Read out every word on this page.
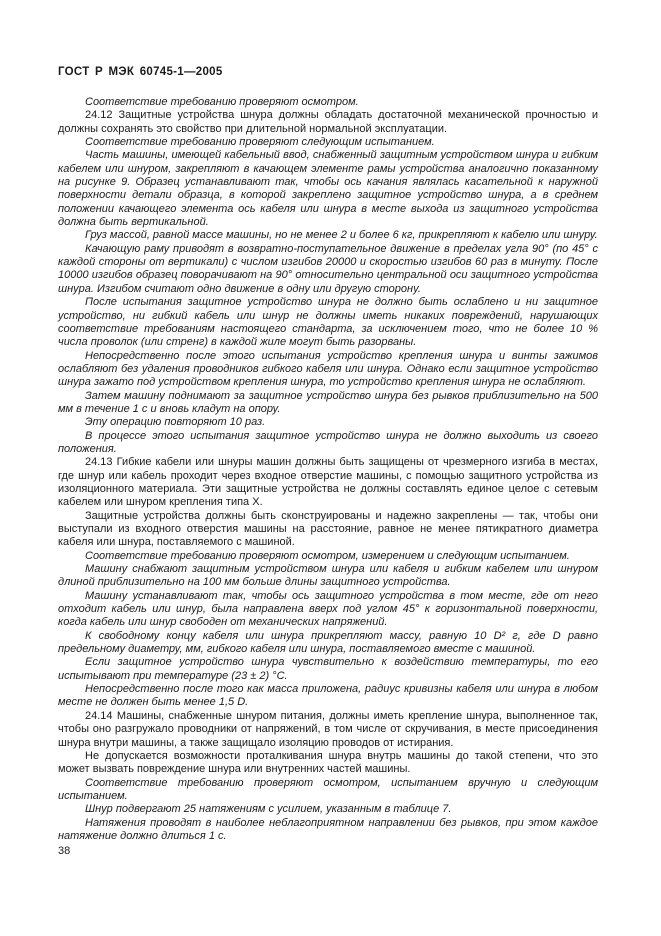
ГОСТ Р МЭК 60745-1—2005

Соответствие требованию проверяют осмотром.

24.12 Защитные устройства шнура должны обладать достаточной механической прочностью и должны сохранять это свойство при длительной нормальной эксплуатации.

Соответствие требованию проверяют следующим испытанием.

Часть машины, имеющей кабельный ввод, снабженный защитным устройством шнура и гибким кабелем или шнуром, закрепляют в качающем элементе рамы устройства аналогично показанному на рисунке 9. Образец устанавливают так, чтобы ось качания являлась касательной к наружной поверхности детали образца, в которой закреплено защитное устройство шнура, а в среднем положении качающего элемента ось кабеля или шнура в месте выхода из защитного устройства должна быть вертикальной.

Груз массой, равной массе машины, но не менее 2 и более 6 кг, прикрепляют к кабелю или шнуру.

Качающую раму приводят в возвратно-поступательное движение в пределах угла 90° (по 45° с каждой стороны от вертикали) с числом изгибов 20000 и скоростью изгибов 60 раз в минуту. После 10000 изгибов образец поворачивают на 90° относительно центральной оси защитного устройства шнура. Изгибом считают одно движение в одну или другую сторону.

После испытания защитное устройство шнура не должно быть ослаблено и ни защитное устройство, ни гибкий кабель или шнур не должны иметь никаких повреждений, нарушающих соответствие требованиям настоящего стандарта, за исключением того, что не более 10 % числа проволок (или стренг) в каждой жиле могут быть разорваны.

Непосредственно после этого испытания устройство крепления шнура и винты зажимов ослабляют без удаления проводников гибкого кабеля или шнура. Однако если защитное устройство шнура зажато под устройством крепления шнура, то устройство крепления шнура не ослабляют.

Затем машину поднимают за защитное устройство шнура без рывков приблизительно на 500 мм в течение 1 с и вновь кладут на опору.

Эту операцию повторяют 10 раз.

В процессе этого испытания защитное устройство шнура не должно выходить из своего положения.

24.13 Гибкие кабели или шнуры машин должны быть защищены от чрезмерного изгиба в местах, где шнур или кабель проходит через входное отверстие машины, с помощью защитного устройства из изоляционного материала. Эти защитные устройства не должны составлять единое целое с сетевым кабелем или шнуром крепления типа X.

Защитные устройства должны быть сконструированы и надежно закреплены — так, чтобы они выступали из входного отверстия машины на расстояние, равное не менее пятикратного диаметра кабеля или шнура, поставляемого с машиной.

Соответствие требованию проверяют осмотром, измерением и следующим испытанием.

Машину снабжают защитным устройством шнура или кабеля и гибким кабелем или шнуром длиной приблизительно на 100 мм больше длины защитного устройства.

Машину устанавливают так, чтобы ось защитного устройства в том месте, где от него отходит кабель или шнур, была направлена вверх под углом 45° к горизонтальной поверхности, когда кабель или шнур свободен от механических напряжений.

К свободному концу кабеля или шнура прикрепляют массу, равную 10 D² г, где D равно предельному диаметру, мм, гибкого кабеля или шнура, поставляемого вместе с машиной.

Если защитное устройство шнура чувствительно к воздействию температуры, то его испытывают при температуре (23 ± 2) °C.

Непосредственно после того как масса приложена, радиус кривизны кабеля или шнура в любом месте не должен быть менее 1,5 D.

24.14 Машины, снабженные шнуром питания, должны иметь крепление шнура, выполненное так, чтобы оно разгружало проводники от напряжений, в том числе от скручивания, в месте присоединения шнура внутри машины, а также защищало изоляцию проводов от истирания.

Не допускается возможности проталкивания шнура внутрь машины до такой степени, что это может вызвать повреждение шнура или внутренних частей машины.

Соответствие требованию проверяют осмотром, испытанием вручную и следующим испытанием.

Шнур подвергают 25 натяжениям с усилием, указанным в таблице 7.

Натяжения проводят в наиболее неблагоприятном направлении без рывков, при этом каждое натяжение должно длиться 1 с.

38
